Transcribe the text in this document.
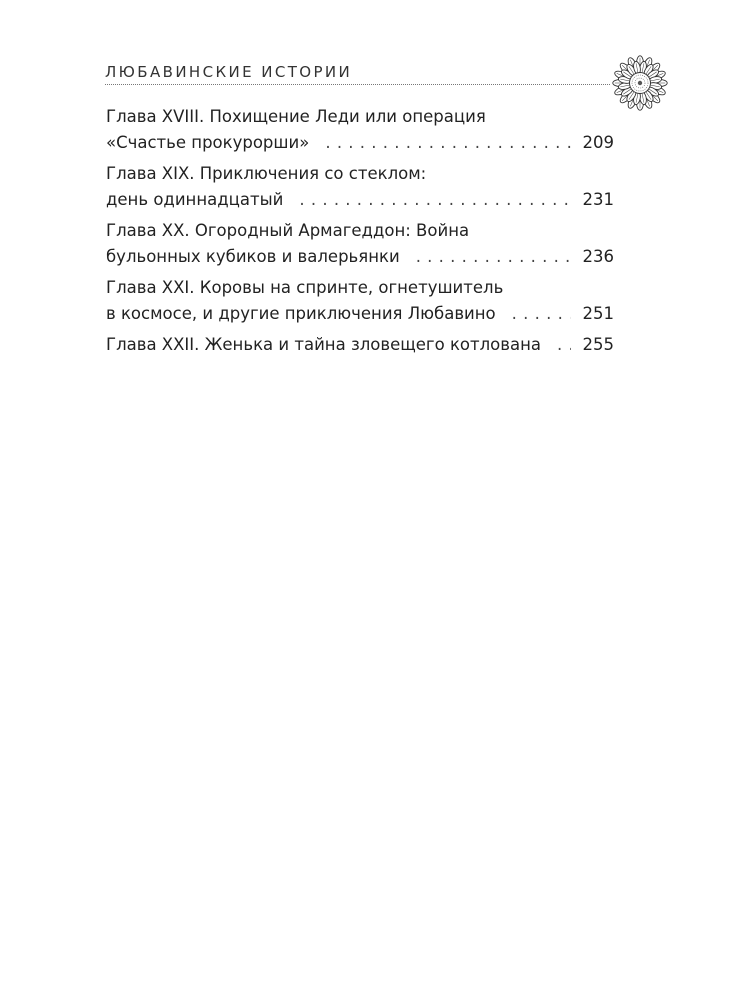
ЛЮБАВИНСКИЕ ИСТОРИИ
Глава XVIII. Похищение Леди или операция
«Счастье прокурорши» . . .	209
Глава XIX. Приключения со стеклом:
день одиннадцатый . . .	231
Глава XX. Огородный Армагеддон: Война
бульонных кубиков и валерьянки . . .	236
Глава XXI. Коровы на спринте, огнетушитель
в космосе, и другие приключения Любавино . . .	251
Глава XXII. Женька и тайна зловещего котлована . . .	255
